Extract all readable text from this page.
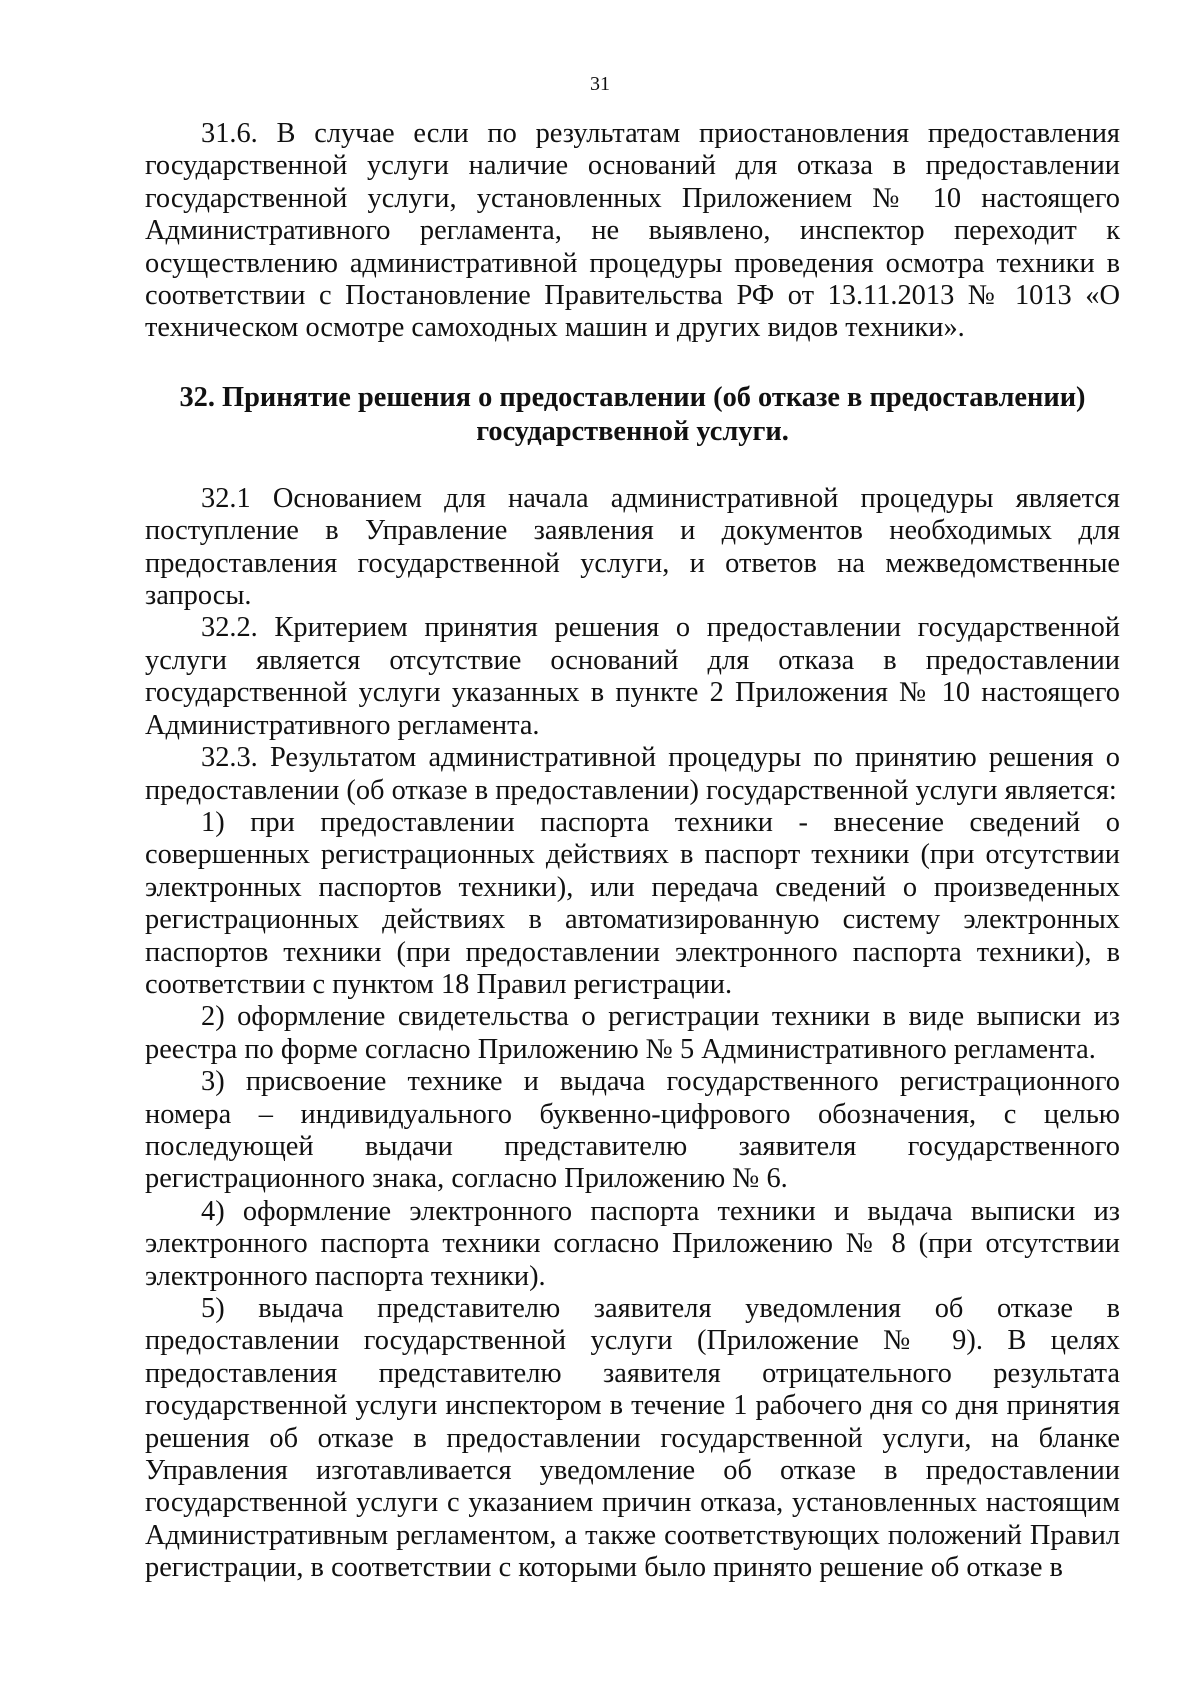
31

31.6. В случае если по результатам приостановления предоставления государственной услуги наличие оснований для отказа в предоставлении государственной услуги, установленных Приложением № 10 настоящего Административного регламента, не выявлено, инспектор переходит к осуществлению административной процедуры проведения осмотра техники в соответствии с Постановление Правительства РФ от 13.11.2013 № 1013 «О техническом осмотре самоходных машин и других видов техники».

32. Принятие решения о предоставлении (об отказе в предоставлении)
государственной услуги.

32.1 Основанием для начала административной процедуры является поступление в Управление заявления и документов необходимых для предоставления государственной услуги, и ответов на межведомственные запросы.

32.2. Критерием принятия решения о предоставлении государственной услуги является отсутствие оснований для отказа в предоставлении государственной услуги указанных в пункте 2 Приложения № 10 настоящего Административного регламента.

32.3. Результатом административной процедуры по принятию решения о предоставлении (об отказе в предоставлении) государственной услуги является:

1) при предоставлении паспорта техники - внесение сведений о совершенных регистрационных действиях в паспорт техники (при отсутствии электронных паспортов техники), или передача сведений о произведенных регистрационных действиях в автоматизированную систему электронных паспортов техники (при предоставлении электронного паспорта техники), в соответствии с пунктом 18 Правил регистрации.

2) оформление свидетельства о регистрации техники в виде выписки из реестра по форме согласно Приложению № 5 Административного регламента.

3) присвоение технике и выдача государственного регистрационного номера – индивидуального буквенно-цифрового обозначения, с целью последующей выдачи представителю заявителя государственного регистрационного знака, согласно Приложению № 6.

4) оформление электронного паспорта техники и выдача выписки из электронного паспорта техники согласно Приложению № 8 (при отсутствии электронного паспорта техники).

5) выдача представителю заявителя уведомления об отказе в предоставлении государственной услуги (Приложение № 9). В целях предоставления представителю заявителя отрицательного результата государственной услуги инспектором в течение 1 рабочего дня со дня принятия решения об отказе в предоставлении государственной услуги, на бланке Управления изготавливается уведомление об отказе в предоставлении государственной услуги с указанием причин отказа, установленных настоящим Административным регламентом, а также соответствующих положений Правил регистрации, в соответствии с которыми было принято решение об отказе в
